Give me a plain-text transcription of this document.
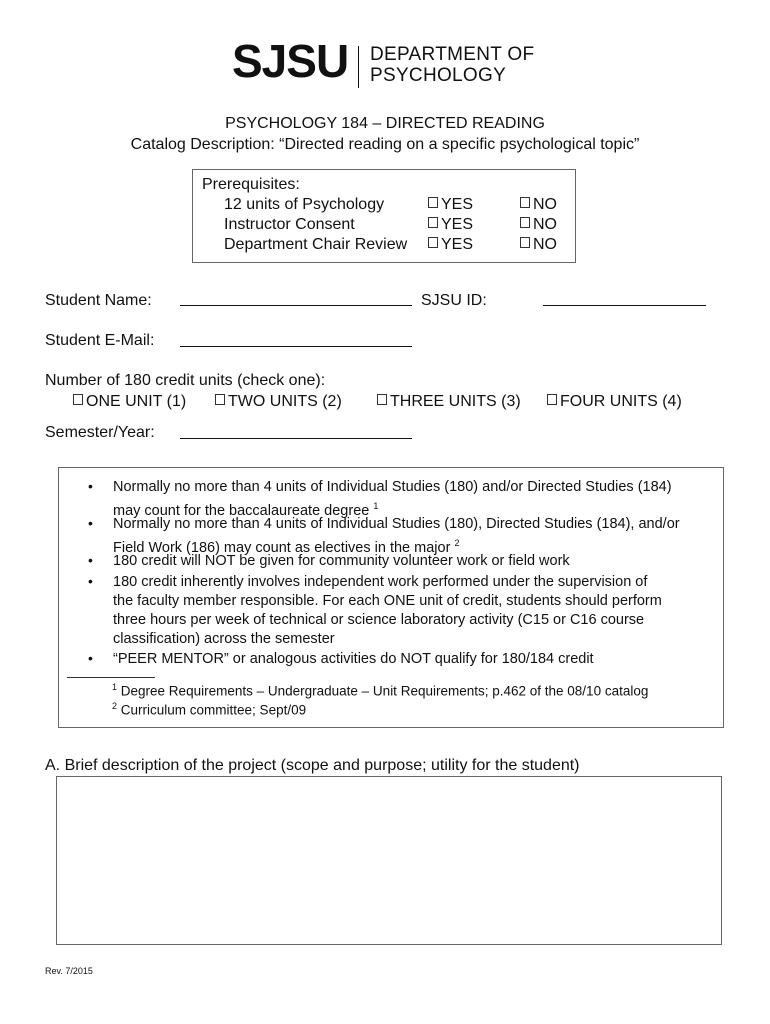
SJSU DEPARTMENT OF
PSYCHOLOGY
PSYCHOLOGY 184 – DIRECTED READING
Catalog Description: “Directed reading on a specific psychological topic”
Prerequisites:
12 units of Psychology	YES	NO
Instructor Consent	YES	NO
Department Chair Review	YES	NO
Student Name:	SJSU ID:
Student E-Mail:
Number of 180 credit units (check one):
ONE UNIT (1)	TWO UNITS (2)	THREE UNITS (3)	FOUR UNITS (4)
Semester/Year:
• Normally no more than 4 units of Individual Studies (180) and/or Directed Studies (184)
may count for the baccalaureate degree $^1$
• Normally no more than 4 units of Individual Studies (180), Directed Studies (184), and/or
Field Work (186) may count as electives in the major $^2$
• 180 credit will NOT be given for community volunteer work or field work
• 180 credit inherently involves independent work performed under the supervision of
the faculty member responsible. For each ONE unit of credit, students should perform
three hours per week of technical or science laboratory activity (C15 or C16 course
classification) across the semester
• “PEER MENTOR” or analogous activities do NOT qualify for 180/184 credit
$^1$ Degree Requirements – Undergraduate – Unit Requirements; p.462 of the 08/10 catalog
$^2$ Curriculum committee; Sept/09
A. Brief description of the project (scope and purpose; utility for the student)
Rev. 7/2015
